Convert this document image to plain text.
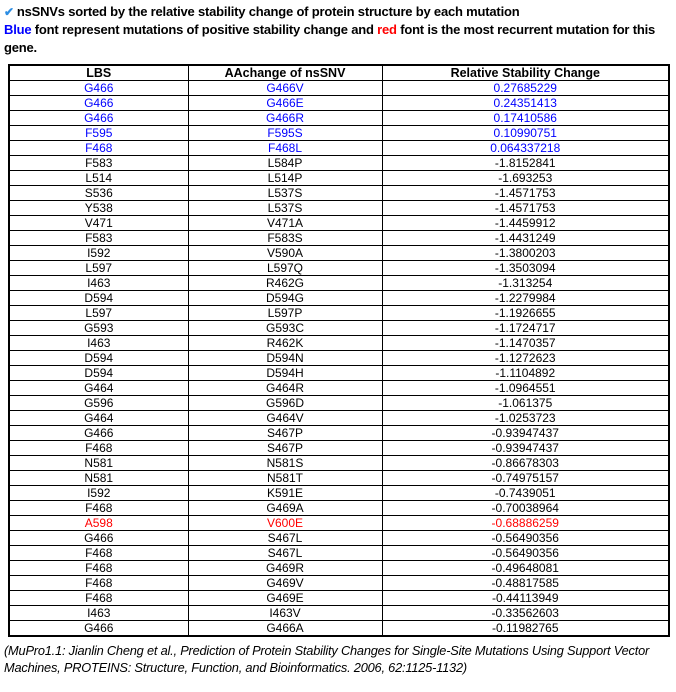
✔ nsSNVs sorted by the relative stability change of protein structure by each mutation
Blue font represent mutations of positive stability change and red font is the most recurrent mutation for this gene.
LBS	AAchange of nsSNV	Relative Stability Change
G466	G466V	0.27685229
G466	G466E	0.24351413
G466	G466R	0.17410586
F595	F595S	0.10990751
F468	F468L	0.064337218
F583	L584P	-1.8152841
L514	L514P	-1.693253
S536	L537S	-1.4571753
Y538	L537S	-1.4571753
V471	V471A	-1.4459912
F583	F583S	-1.4431249
I592	V590A	-1.3800203
L597	L597Q	-1.3503094
I463	R462G	-1.313254
D594	D594G	-1.2279984
L597	L597P	-1.1926655
G593	G593C	-1.1724717
I463	R462K	-1.1470357
D594	D594N	-1.1272623
D594	D594H	-1.1104892
G464	G464R	-1.0964551
G596	G596D	-1.061375
G464	G464V	-1.0253723
G466	S467P	-0.93947437
F468	S467P	-0.93947437
N581	N581S	-0.86678303
N581	N581T	-0.74975157
I592	K591E	-0.7439051
F468	G469A	-0.70038964
A598	V600E	-0.68886259
G466	S467L	-0.56490356
F468	S467L	-0.56490356
F468	G469R	-0.49648081
F468	G469V	-0.48817585
F468	G469E	-0.44113949
I463	I463V	-0.33562603
G466	G466A	-0.11982765
(MuPro1.1: Jianlin Cheng et al., Prediction of Protein Stability Changes for Single-Site Mutations Using Support Vector Machines, PROTEINS: Structure, Function, and Bioinformatics. 2006, 62:1125-1132)
